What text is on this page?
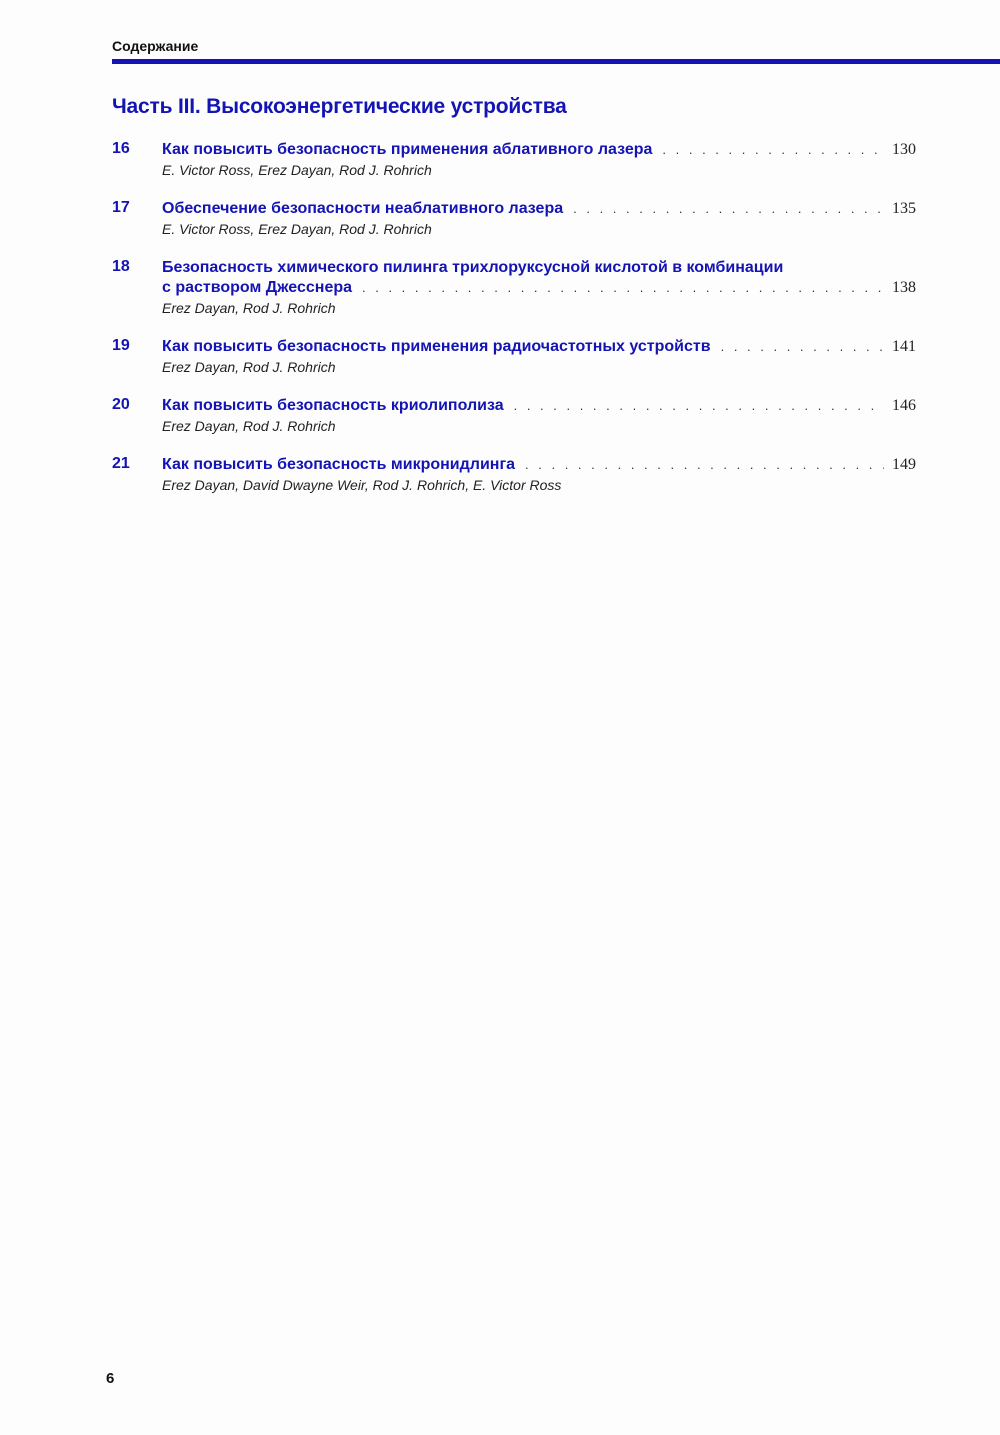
Содержание
Часть III. Высокоэнергетические устройства
16 Как повысить безопасность применения аблативного лазера . . .	130
E. Victor Ross, Erez Dayan, Rod J. Rohrich
17 Обеспечение безопасности неаблативного лазера . . .	135
E. Victor Ross, Erez Dayan, Rod J. Rohrich
18 Безопасность химического пилинга трихлоруксусной кислотой в комбинации
с раствором Джесснера . . .	138
Erez Dayan, Rod J. Rohrich
19 Как повысить безопасность применения радиочастотных устройств . . .	141
Erez Dayan, Rod J. Rohrich
20 Как повысить безопасность криолиполиза . . .	146
Erez Dayan, Rod J. Rohrich
21 Как повысить безопасность микронидлинга . . .	149
Erez Dayan, David Dwayne Weir, Rod J. Rohrich, E. Victor Ross
6
